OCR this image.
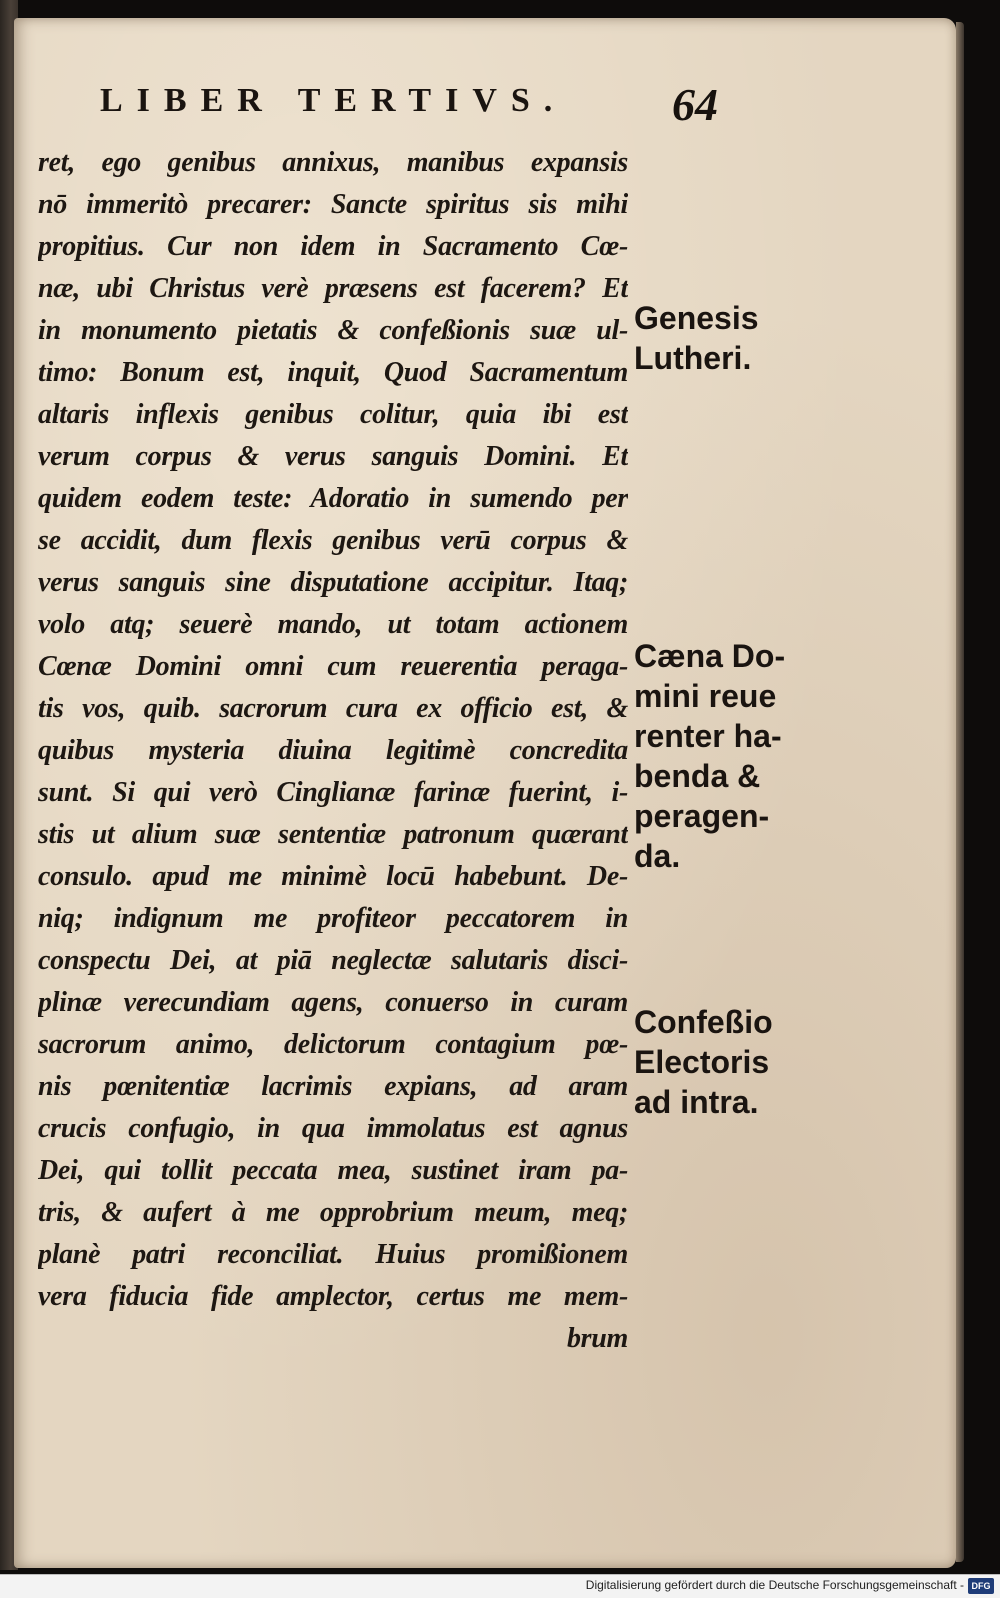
LIBER TERTIVS. 64
ret, ego genibus annixus, manibus expansis
nō immeritò precarer: Sancte spiritus sis mihi
propitius. Cur non idem in Sacramento Cœ-
næ, ubi Christus verè præsens est facerem? Et
in monumento pietatis & confeßionis suæ ul-
timo: Bonum est, inquit, Quod Sacramentum
altaris inflexis genibus colitur, quia ibi est
verum corpus & verus sanguis Domini. Et
quidem eodem teste: Adoratio in sumendo per
se accidit, dum flexis genibus verū corpus &
verus sanguis sine disputatione accipitur. Itaq;
volo atq; seuerè mando, ut totam actionem
Cœnæ Domini omni cum reuerentia peraga-
tis vos, quib. sacrorum cura ex officio est, &
quibus mysteria diuina legitimè concredita
sunt. Si qui verò Cinglianæ farinæ fuerint, i-
stis ut alium suæ sententiæ patronum quærant
consulo. apud me minimè locū habebunt. De-
niq; indignum me profiteor peccatorem in
conspectu Dei, at piā neglectæ salutaris disci-
plinæ verecundiam agens, conuerso in curam
sacrorum animo, delictorum contagium pœ-
nis pœnitentiæ lacrimis expians, ad aram
crucis confugio, in qua immolatus est agnus
Dei, qui tollit peccata mea, sustinet iram pa-
tris, & aufert à me opprobrium meum, meq;
planè patri reconciliat. Huius promißionem
vera fiducia fide amplector, certus me mem-
brum
Genesis
Lutheri.
Cæna Do-
mini reue
renter ha-
benda &
peragen-
da.
Confeßio
Electoris
ad intra.
Digitalisierung gefördert durch die Deutsche Forschungsgemeinschaft - DFG
